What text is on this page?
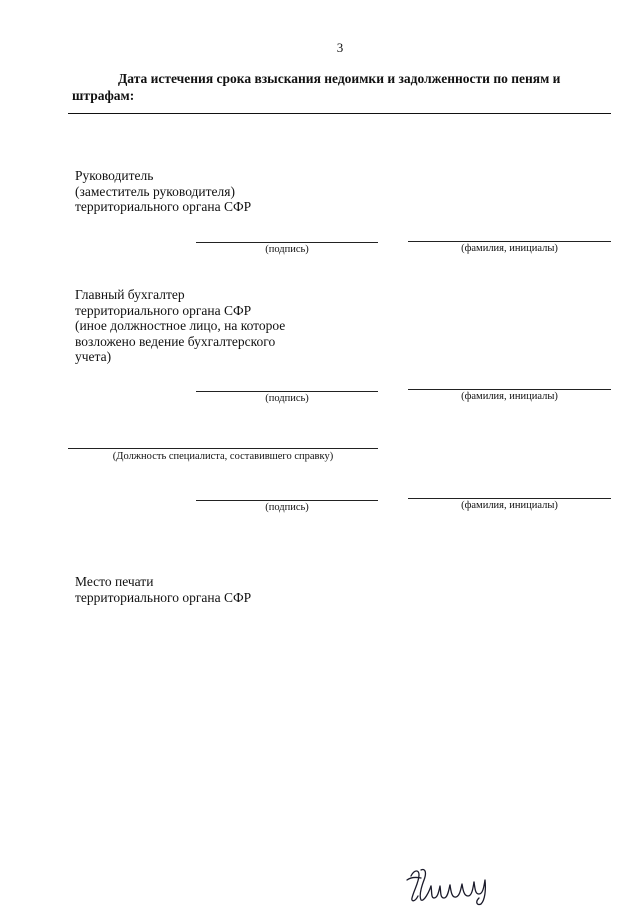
3
Дата истечения срока взыскания недоимки и задолженности по пеням и штрафам:
Руководитель
(заместитель руководителя)
территориального органа СФР
(подпись)	(фамилия, инициалы)
Главный бухгалтер
территориального органа СФР
(иное должностное лицо, на которое
возложено ведение бухгалтерского
учета)
(подпись)	(фамилия, инициалы)
(Должность специалиста, составившего справку)
(подпись)	(фамилия, инициалы)
Место печати
территориального органа СФР
